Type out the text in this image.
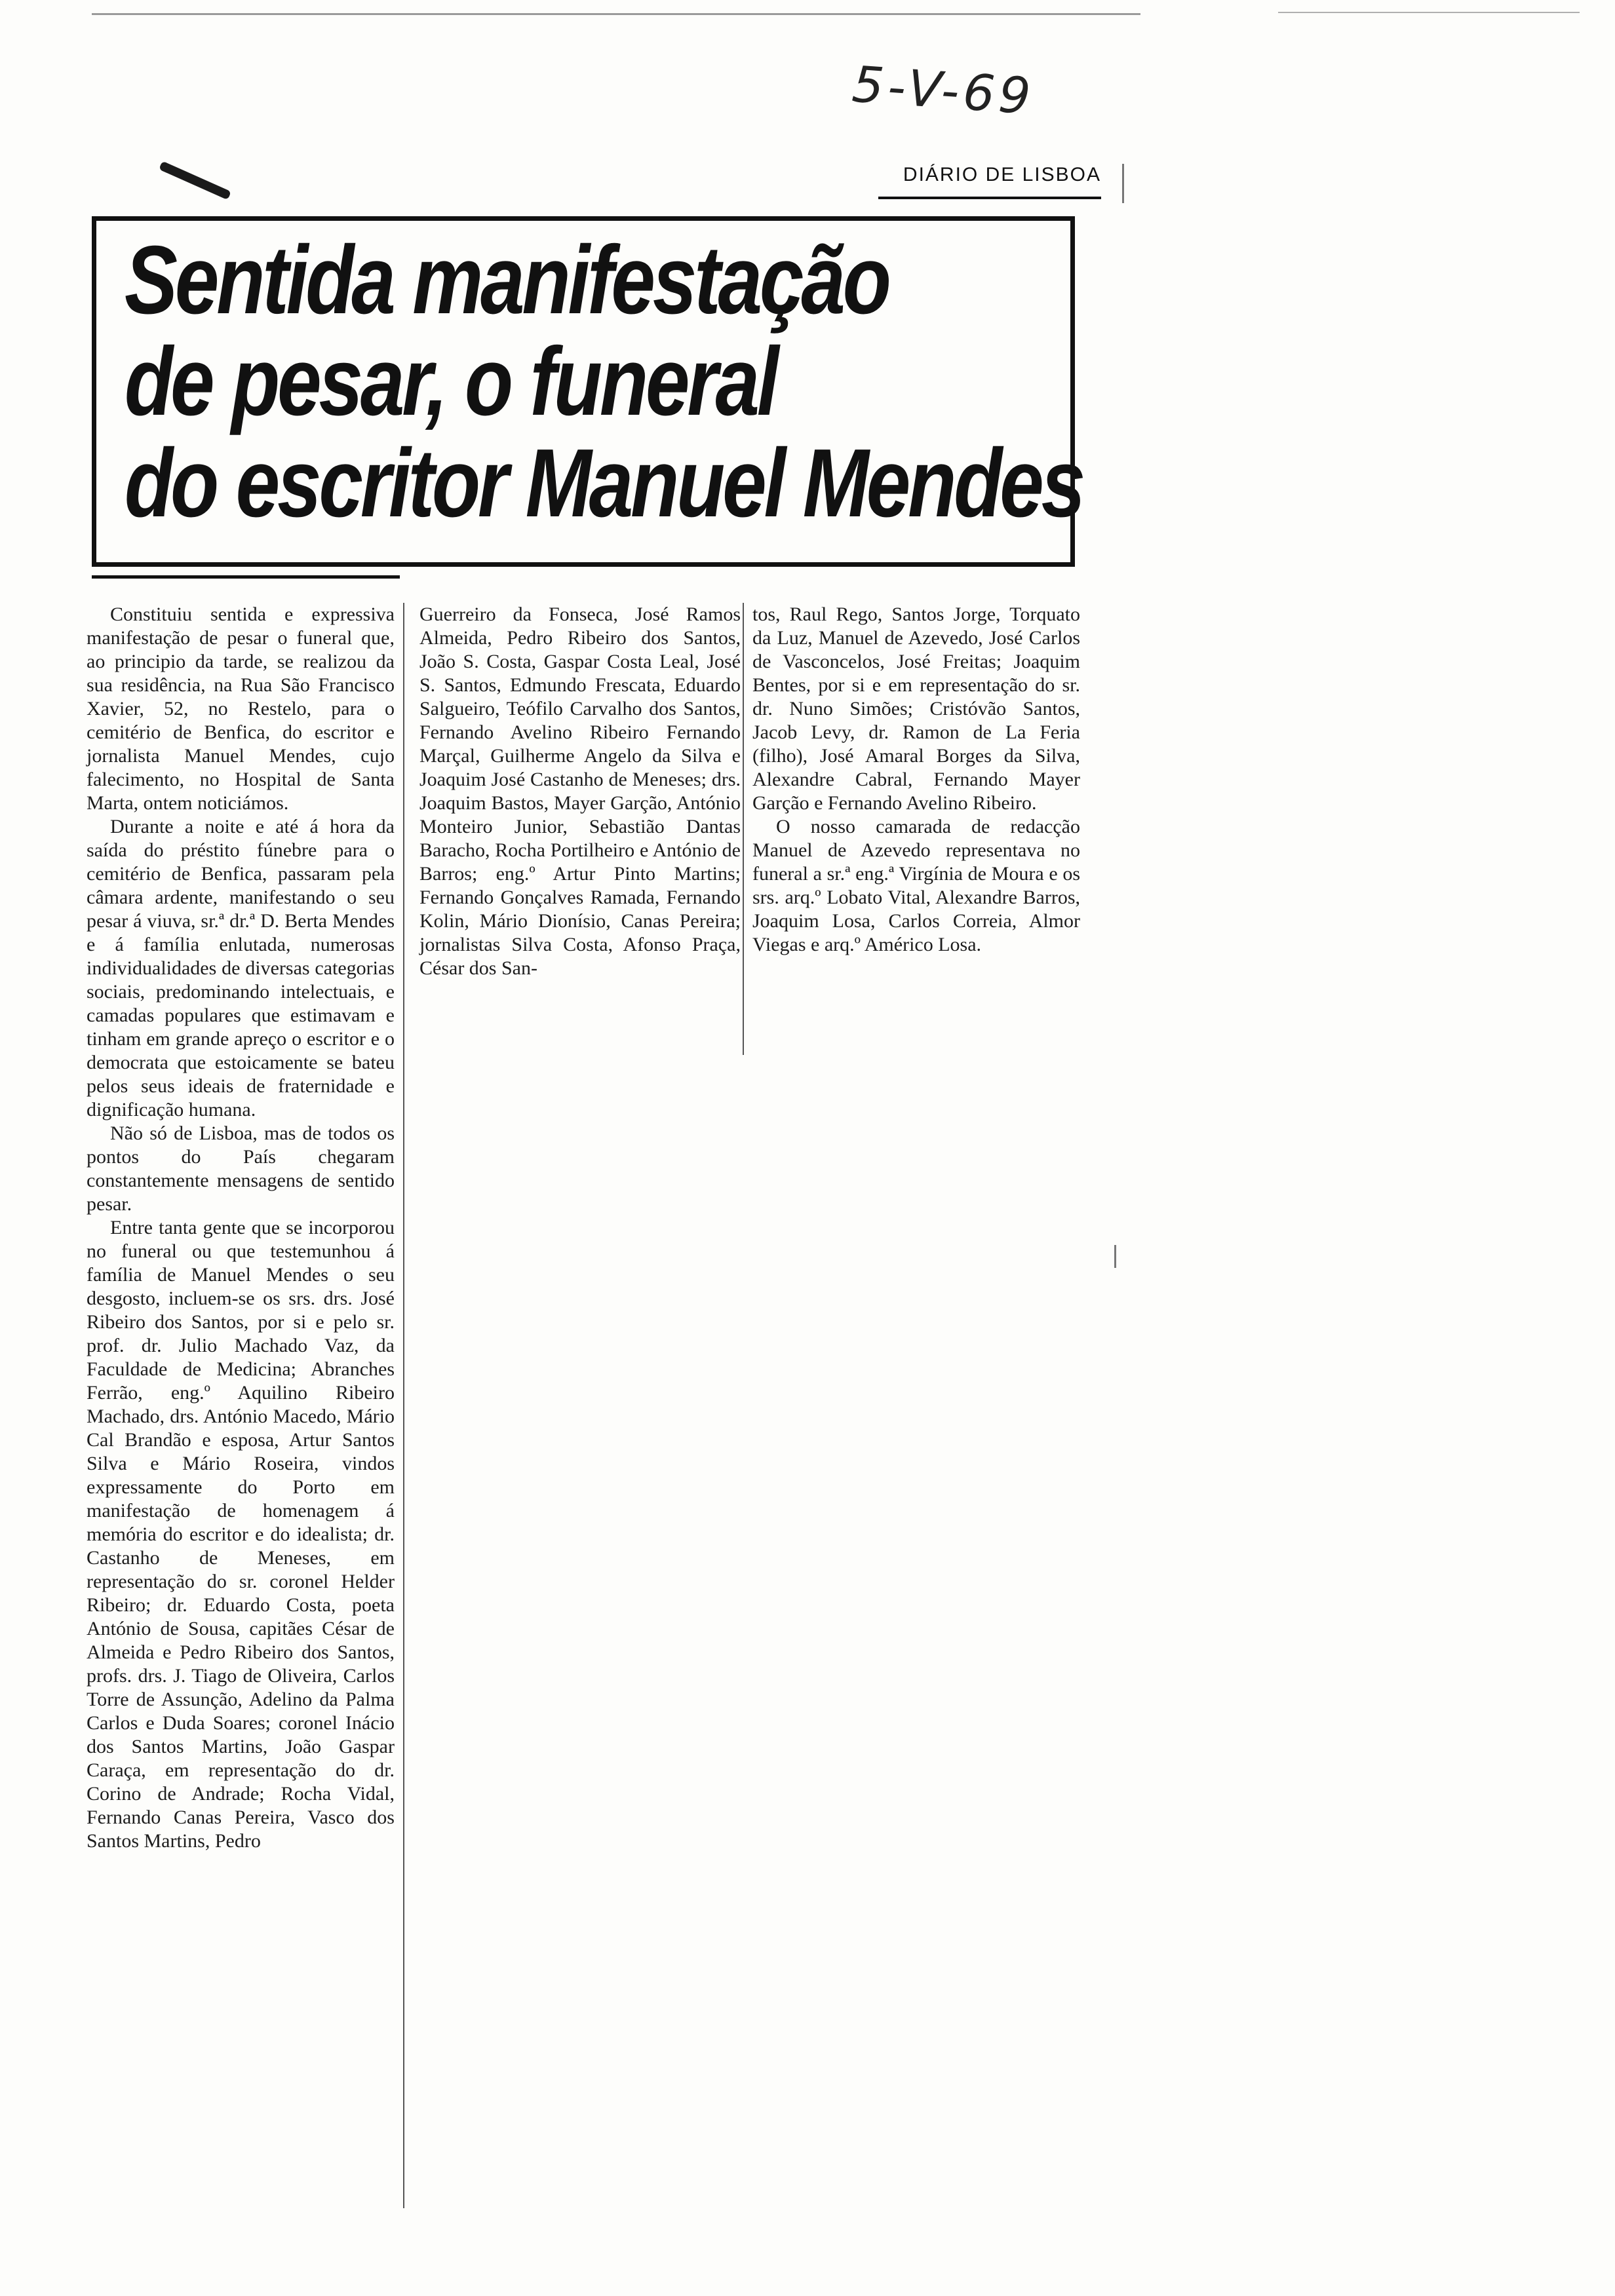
5-V-69
DIÁRIO DE LISBOA
Sentida manifestação
de pesar, o funeral
do escritor Manuel Mendes

Constituiu sentida e expressiva manifestação de pesar o funeral que, ao principio da tarde, se realizou da sua residência, na Rua São Francisco Xavier, 52, no Restelo, para o cemitério de Benfica, do escritor e jornalista Manuel Mendes, cujo falecimento, no Hospital de Santa Marta, ontem noticiámos.

Durante a noite e até á hora da saída do préstito fúnebre para o cemitério de Benfica, passaram pela câmara ardente, manifestando o seu pesar á viuva, sr.ª dr.ª D. Berta Mendes e á família enlutada, numerosas individualidades de diversas categorias sociais, predominando intelectuais, e camadas populares que estimavam e tinham em grande apreço o escritor e o democrata que estoicamente se bateu pelos seus ideais de fraternidade e dignificação humana.

Não só de Lisboa, mas de todos os pontos do País chegaram constantemente mensagens de sentido pesar.

Entre tanta gente que se incorporou no funeral ou que testemunhou á família de Manuel Mendes o seu desgosto, incluem-se os srs. drs. José Ribeiro dos Santos, por si e pelo sr. prof. dr. Julio Machado Vaz, da Faculdade de Medicina; Abranches Ferrão, eng.º Aquilino Ribeiro Machado, drs. António Macedo, Mário Cal Brandão e esposa, Artur Santos Silva e Mário Roseira, vindos expressamente do Porto em manifestação de homenagem á memória do escritor e do idealista; dr. Castanho de Meneses, em representação do sr. coronel Helder Ribeiro; dr. Eduardo Costa, poeta António de Sousa, capitães César de Almeida e Pedro Ribeiro dos Santos, profs. drs. J. Tiago de Oliveira, Carlos Torre de Assunção, Adelino da Palma Carlos e Duda Soares; coronel Inácio dos Santos Martins, João Gaspar Caraça, em representação do dr. Corino de Andrade; Rocha Vidal, Fernando Canas Pereira, Vasco dos Santos Martins, Pedro

Guerreiro da Fonseca, José Ramos Almeida, Pedro Ribeiro dos Santos, João S. Costa, Gaspar Costa Leal, José S. Santos, Edmundo Frescata, Eduardo Salgueiro, Teófilo Carvalho dos Santos, Fernando Avelino Ribeiro Fernando Marçal, Guilherme Angelo da Silva e Joaquim José Castanho de Meneses; drs. Joaquim Bastos, Mayer Garção, António Monteiro Junior, Sebastião Dantas Baracho, Rocha Portilheiro e António de Barros; eng.º Artur Pinto Martins; Fernando Gonçalves Ramada, Fernando Kolin, Mário Dionísio, Canas Pereira; jornalistas Silva Costa, Afonso Praça, César dos San-

tos, Raul Rego, Santos Jorge, Torquato da Luz, Manuel de Azevedo, José Carlos de Vasconcelos, José Freitas; Joaquim Bentes, por si e em representação do sr. dr. Nuno Simões; Cristóvão Santos, Jacob Levy, dr. Ramon de La Feria (filho), José Amaral Borges da Silva, Alexandre Cabral, Fernando Mayer Garção e Fernando Avelino Ribeiro.

O nosso camarada de redacção Manuel de Azevedo representava no funeral a sr.ª eng.ª Virgínia de Moura e os srs. arq.º Lobato Vital, Alexandre Barros, Joaquim Losa, Carlos Correia, Almor Viegas e arq.º Américo Losa.
